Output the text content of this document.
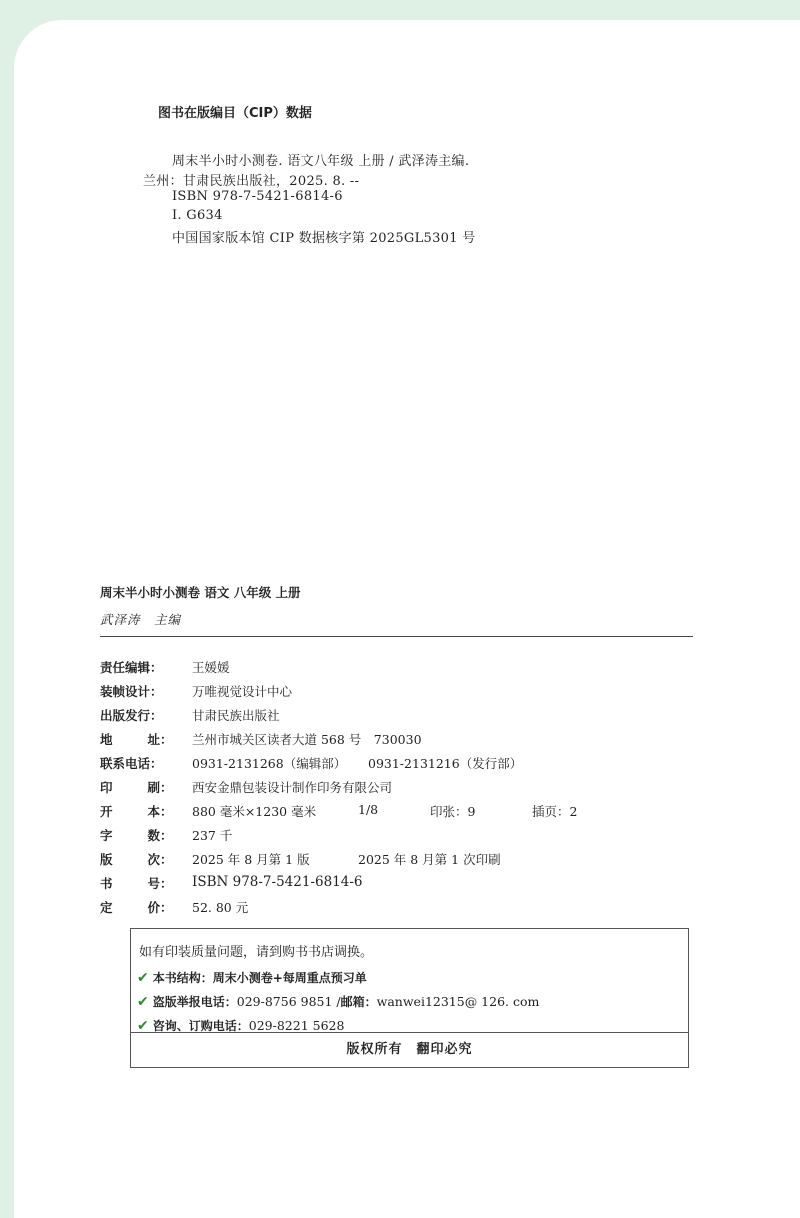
图书在版编目（CIP）数据
周末半小时小测卷. 语文八年级 上册 / 武泽涛主编.
兰州：甘肃民族出版社，2025. 8. --
ISBN 978-7-5421-6814-6
Ⅰ. G634
中国国家版本馆 CIP 数据核字第 2025GL5301 号
周末半小时小测卷 语文 八年级 上册
武泽涛　主编
责任编辑：	王媛媛
装帧设计：	万唯视觉设计中心
出版发行：	甘肃民族出版社
地	址 ： 兰州市城关区读者大道 568 号　730030
联系电话：	0931-2131268（编辑部） 0931-2131216（发行部）
印	刷 ： 西安金鼎包装设计制作印务有限公司
开	本 ： 880 毫米×1230 毫米	1/8	印张：9	插页：2
字	数 ： 237 千
版	次 ： 2025 年 8 月第 1 版	2025 年 8 月第 1 次印刷
书	号 ： ISBN 978-7-5421-6814-6
定	价 ： 52. 80 元
如有印装质量问题，请到购书书店调换。
✔ 本书结构： 周末小测卷+每周重点预习单
✔ 盗版举报电话： 029-8756 9851 / 邮箱： wanwei12315@ 126. com
✔ 咨询、订购电话： 029-8221 5628
版权所有　翻印必究
